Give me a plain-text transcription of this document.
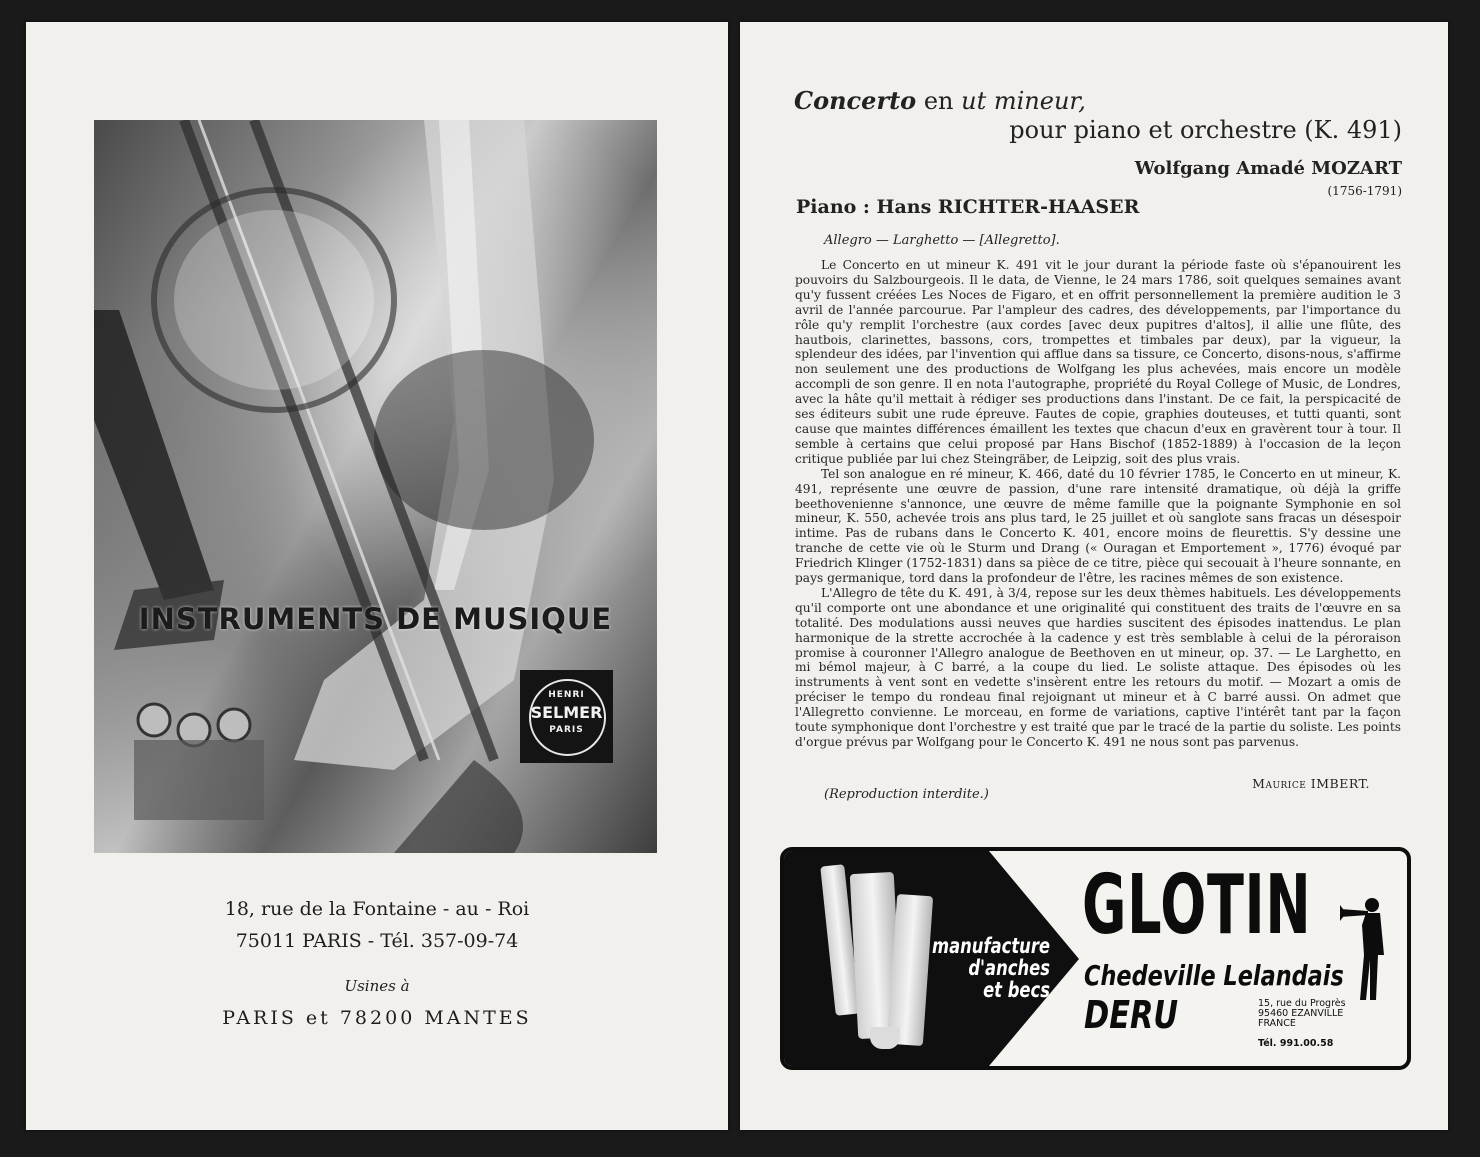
INSTRUMENTS DE MUSIQUE
HENRI
SELMER
PARIS
18, rue de la Fontaine - au - Roi
75011 PARIS - Tél. 357-09-74
Usines à
PARIS et 78200 MANTES
Concerto en ut mineur,
pour piano et orchestre (K. 491)
Wolfgang Amadé MOZART
(1756-1791)
Piano : Hans RICHTER-HAASER
Allegro — Larghetto — [Allegretto].

Le Concerto en ut mineur K. 491 vit le jour durant la période faste où s'épanouirent les pouvoirs du Salzbourgeois. Il le data, de Vienne, le 24 mars 1786, soit quelques semaines avant qu'y fussent créées Les Noces de Figaro, et en offrit personnellement la première audition le 3 avril de l'année parcourue. Par l'ampleur des cadres, des développements, par l'importance du rôle qu'y remplit l'orchestre (aux cordes [avec deux pupitres d'altos], il allie une flûte, des hautbois, clarinettes, bassons, cors, trompettes et timbales par deux), par la vigueur, la splendeur des idées, par l'invention qui afflue dans sa tissure, ce Concerto, disons-nous, s'affirme non seulement une des productions de Wolfgang les plus achevées, mais encore un modèle accompli de son genre. Il en nota l'autographe, propriété du Royal College of Music, de Londres, avec la hâte qu'il mettait à rédiger ses productions dans l'instant. De ce fait, la perspicacité de ses éditeurs subit une rude épreuve. Fautes de copie, graphies douteuses, et tutti quanti, sont cause que maintes différences émaillent les textes que chacun d'eux en gravèrent tour à tour. Il semble à certains que celui proposé par Hans Bischof (1852-1889) à l'occasion de la leçon critique publiée par lui chez Steingräber, de Leipzig, soit des plus vrais.

Tel son analogue en ré mineur, K. 466, daté du 10 février 1785, le Concerto en ut mineur, K. 491, représente une œuvre de passion, d'une rare intensité dramatique, où déjà la griffe beethovenienne s'annonce, une œuvre de même famille que la poignante Symphonie en sol mineur, K. 550, achevée trois ans plus tard, le 25 juillet et où sanglote sans fracas un désespoir intime. Pas de rubans dans le Concerto K. 401, encore moins de fleurettis. S'y dessine une tranche de cette vie où le Sturm und Drang (« Ouragan et Emportement », 1776) évoqué par Friedrich Klinger (1752-1831) dans sa pièce de ce titre, pièce qui secouait à l'heure sonnante, en pays germanique, tord dans la profondeur de l'être, les racines mêmes de son existence.

L'Allegro de tête du K. 491, à 3/4, repose sur les deux thèmes habituels. Les développements qu'il comporte ont une abondance et une originalité qui constituent des traits de l'œuvre en sa totalité. Des modulations aussi neuves que hardies suscitent des épisodes inattendus. Le plan harmonique de la strette accrochée à la cadence y est très semblable à celui de la péroraison promise à couronner l'Allegro analogue de Beethoven en ut mineur, op. 37. — Le Larghetto, en mi bémol majeur, à C barré, a la coupe du lied. Le soliste attaque. Des épisodes où les instruments à vent sont en vedette s'insèrent entre les retours du motif. — Mozart a omis de préciser le tempo du rondeau final rejoignant ut mineur et à C barré aussi. On admet que l'Allegretto convienne. Le morceau, en forme de variations, captive l'intérêt tant par la façon toute symphonique dont l'orchestre y est traité que par le tracé de la partie du soliste. Les points d'orgue prévus par Wolfgang pour le Concerto K. 491 ne nous sont pas parvenus.

Maurice IMBERT.
(Reproduction interdite.)
manufacture
d'anches
et becs
GLOTIN
Chedeville Lelandais
DERU	15, rue du Progrès
95460 EZANVILLE
FRANCE
Tél. 991.00.58
